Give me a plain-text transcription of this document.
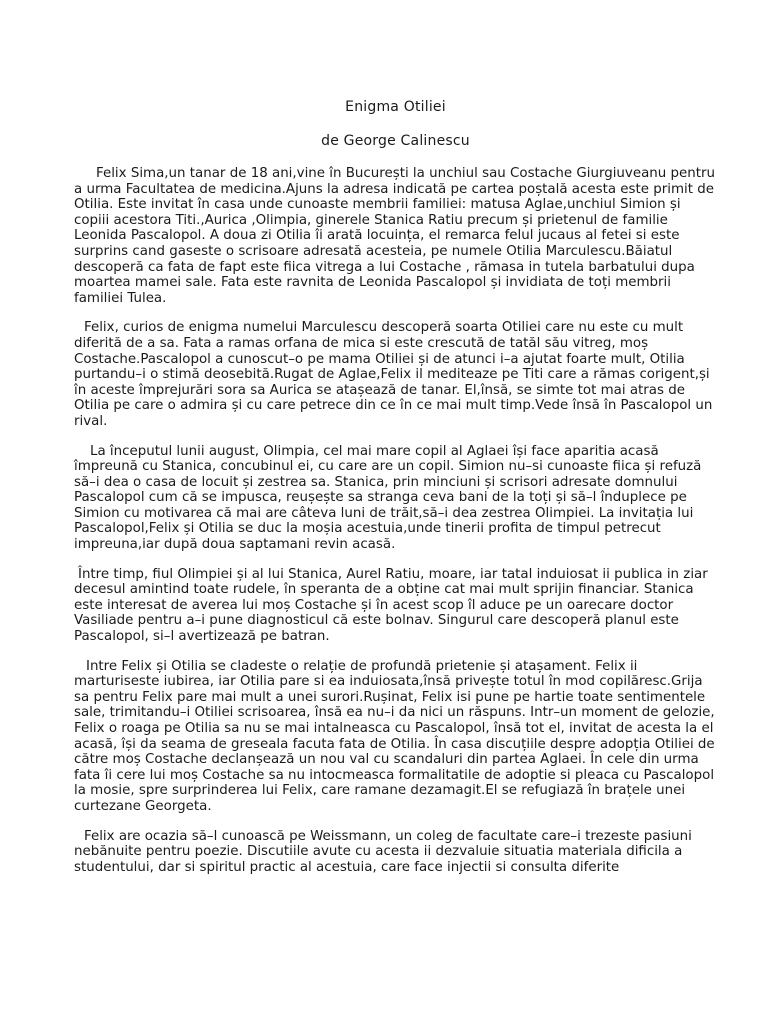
Enigma Otiliei
de George Calinescu

Felix Sima,un tanar de 18 ani,vine în București la unchiul sau Costache Giurgiuveanu pentru a urma Facultatea de medicina.Ajuns la adresa indicată pe cartea poștală acesta este primit de Otilia. Este invitat în casa unde cunoaste membrii familiei: matusa Aglae,unchiul Simion și copiii acestora Titi.,Aurica ,Olimpia, ginerele Stanica Ratiu precum și prietenul de familie Leonida Pascalopol. A doua zi Otilia îi arată locuința, el remarca felul jucaus al fetei si este surprins cand gaseste o scrisoare adresată acesteia, pe numele Otilia Marculescu.Băiatul descoperă ca fata de fapt este fiica vitrega a lui Costache , rămasa in tutela barbatului dupa moartea mamei sale. Fata este ravnita de Leonida Pascalopol și invidiata de toți membrii familiei Tulea.

Felix, curios de enigma numelui Marculescu descoperă soarta Otiliei care nu este cu mult diferită de a sa. Fata a ramas orfana de mica si este crescută de tatăl său vitreg, moș Costache.Pascalopol a cunoscut–o pe mama Otiliei și de atunci i–a ajutat foarte mult, Otilia purtandu–i o stimă deosebită.Rugat de Aglae,Felix il mediteaze pe Titi care a rămas corigent,și în aceste împrejurări sora sa Aurica se atașează de tanar. El,însă, se simte tot mai atras de Otilia pe care o admira și cu care petrece din ce în ce mai mult timp.Vede însă în Pascalopol un rival.

La începutul lunii august, Olimpia, cel mai mare copil al Aglaei își face aparitia acasă împreună cu Stanica, concubinul ei, cu care are un copil. Simion nu–si cunoaste fiica și refuză să–i dea o casa de locuit și zestrea sa. Stanica, prin minciuni și scrisori adresate domnului Pascalopol cum că se impusca, reușește sa stranga ceva bani de la toți și să–l înduplece pe Simion cu motivarea că mai are câteva luni de trăit,să–i dea zestrea Olimpiei. La invitația lui Pascalopol,Felix și Otilia se duc la moșia acestuia,unde tinerii profita de timpul petrecut impreuna,iar după doua saptamani revin acasă.

Între timp, fiul Olimpiei și al lui Stanica, Aurel Ratiu, moare, iar tatal induiosat ii publica in ziar decesul amintind toate rudele, în speranta de a obține cat mai mult sprijin financiar. Stanica este interesat de averea lui moș Costache și în acest scop îl aduce pe un oarecare doctor Vasiliade pentru a–i pune diagnosticul că este bolnav. Singurul care descoperă planul este Pascalopol, si–l avertizează pe batran.

Intre Felix și Otilia se cladeste o relație de profundă prietenie și atașament. Felix ii marturiseste iubirea, iar Otilia pare si ea induiosata,însă privește totul în mod copilăresc.Grija sa pentru Felix pare mai mult a unei surori.Rușinat, Felix isi pune pe hartie toate sentimentele sale, trimitandu–i Otiliei scrisoarea, însă ea nu–i da nici un răspuns. Intr–un moment de gelozie, Felix o roaga pe Otilia sa nu se mai intalneasca cu Pascalopol, însă tot el, invitat de acesta la el acasă, își da seama de greseala facuta fata de Otilia. În casa discuțiile despre adopția Otiliei de către moș Costache declanșează un nou val cu scandaluri din partea Aglaei. În cele din urma fata îi cere lui moș Costache sa nu intocmeasca formalitatile de adoptie si pleaca cu Pascalopol la mosie, spre surprinderea lui Felix, care ramane dezamagit.El se refugiază în brațele unei curtezane Georgeta.

Felix are ocazia să–l cunoască pe Weissmann, un coleg de facultate care–i trezeste pasiuni nebănuite pentru poezie. Discutiile avute cu acesta ii dezvaluie situatia materiala dificila a studentului, dar si spiritul practic al acestuia, care face injectii si consulta diferite
